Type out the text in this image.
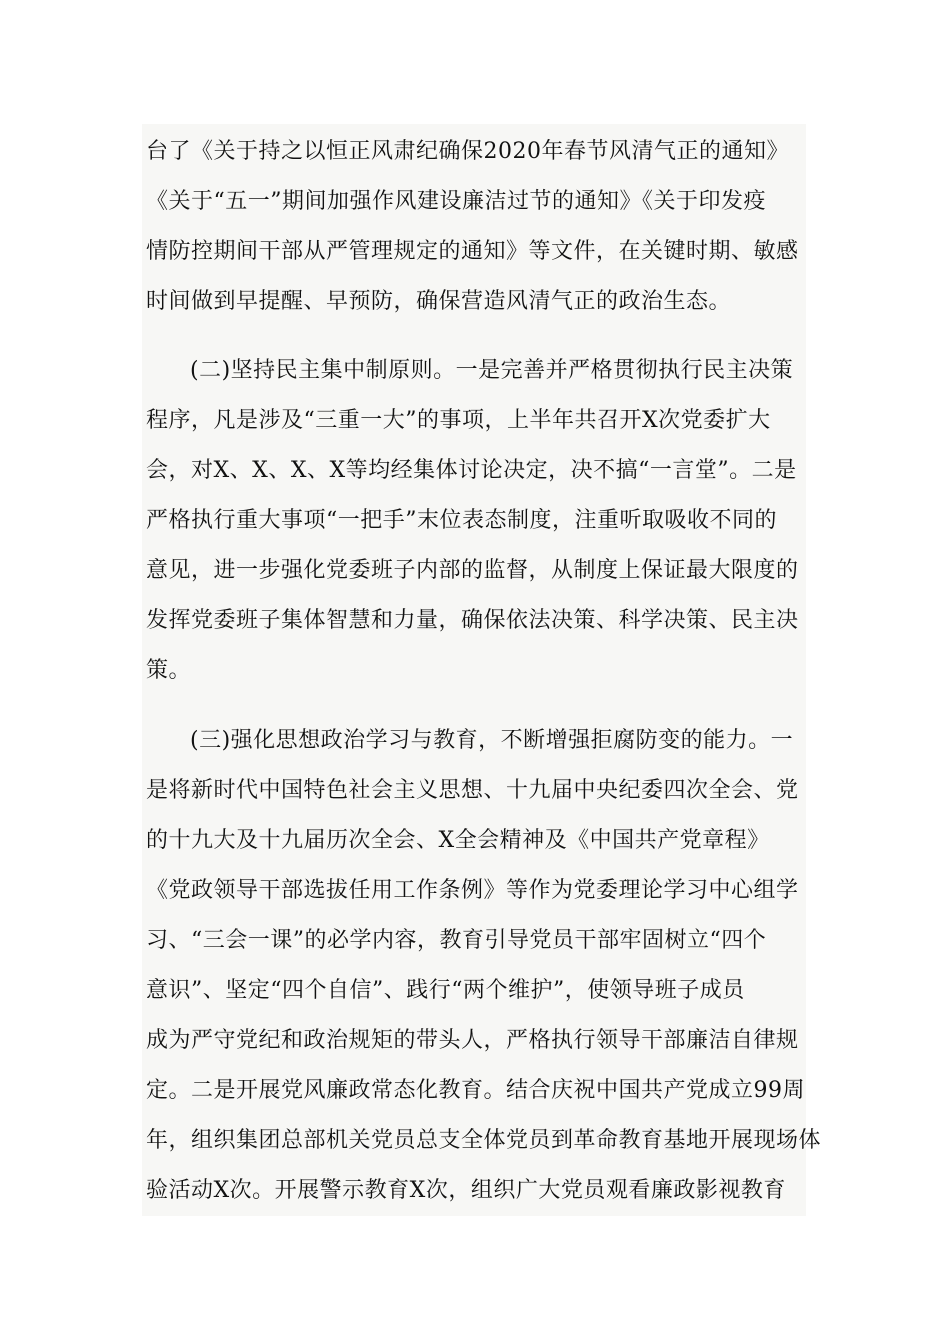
台了《关于持之以恒正风肃纪确保2020年春节风清气正的通知》
《关于“五一”期间加强作风建设廉洁过节的通知》《关于印发疫
情防控期间干部从严管理规定的通知》等文件，在关键时期、敏感
时间做到早提醒、早预防，确保营造风清气正的政治生态。
(二)坚持民主集中制原则。一是完善并严格贯彻执行民主决策
程序，凡是涉及“三重一大”的事项，上半年共召开X次党委扩大
会，对X、X、X、X等均经集体讨论决定，决不搞“一言堂”。二是
严格执行重大事项“一把手”末位表态制度，注重听取吸收不同的
意见，进一步强化党委班子内部的监督，从制度上保证最大限度的
发挥党委班子集体智慧和力量，确保依法决策、科学决策、民主决
策。
(三)强化思想政治学习与教育，不断增强拒腐防变的能力。一
是将新时代中国特色社会主义思想、十九届中央纪委四次全会、党
的十九大及十九届历次全会、X全会精神及《中国共产党章程》
《党政领导干部选拔任用工作条例》等作为党委理论学习中心组学
习、“三会一课”的必学内容，教育引导党员干部牢固树立“四个
意识”、坚定“四个自信”、践行“两个维护”，使领导班子成员
成为严守党纪和政治规矩的带头人，严格执行领导干部廉洁自律规
定。二是开展党风廉政常态化教育。结合庆祝中国共产党成立99周
年，组织集团总部机关党员总支全体党员到革命教育基地开展现场体
验活动X次。开展警示教育X次，组织广大党员观看廉政影视教育
